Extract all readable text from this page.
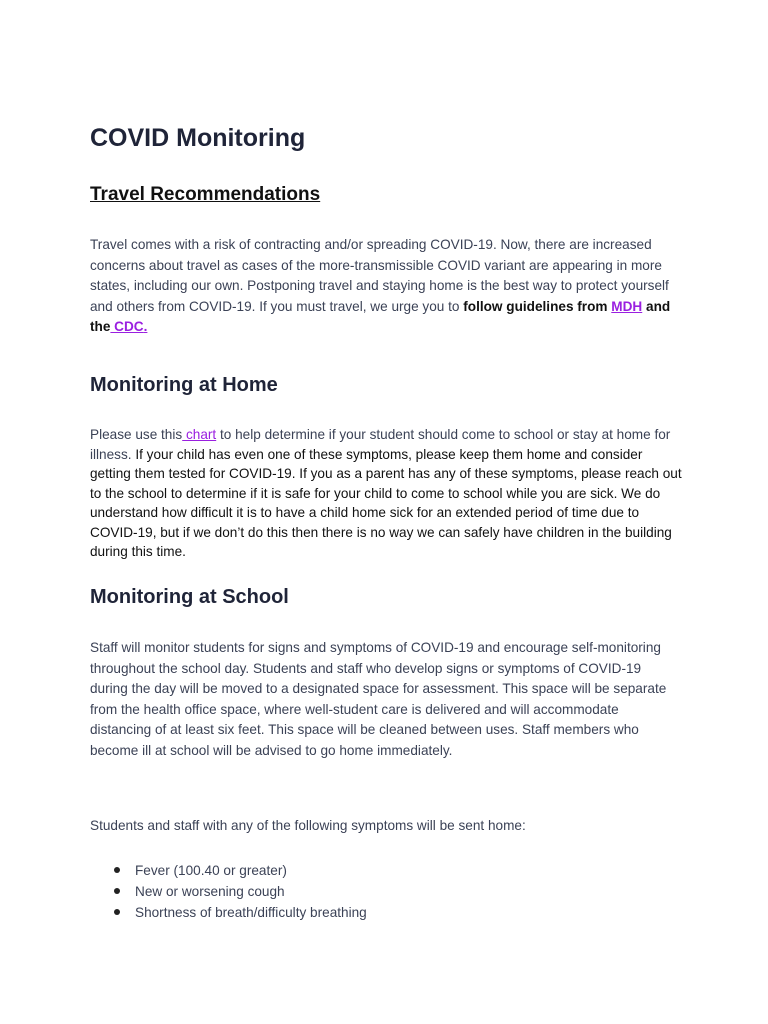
COVID Monitoring
Travel Recommendations

Travel comes with a risk of contracting and/or spreading COVID-19. Now, there are increased concerns about travel as cases of the more-transmissible COVID variant are appearing in more states, including our own. Postponing travel and staying home is the best way to protect yourself and others from COVID-19. If you must travel, we urge you to follow guidelines from MDH and the CDC.

Monitoring at Home

Please use this chart to help determine if your student should come to school or stay at home for illness. If your child has even one of these symptoms, please keep them home and consider getting them tested for COVID-19. If you as a parent has any of these symptoms, please reach out to the school to determine if it is safe for your child to come to school while you are sick. We do understand how difficult it is to have a child home sick for an extended period of time due to COVID-19, but if we don’t do this then there is no way we can safely have children in the building during this time.

Monitoring at School

Staff will monitor students for signs and symptoms of COVID-19 and encourage self-monitoring throughout the school day. Students and staff who develop signs or symptoms of COVID-19 during the day will be moved to a designated space for assessment. This space will be separate from the health office space, where well-student care is delivered and will accommodate distancing of at least six feet. This space will be cleaned between uses. Staff members who become ill at school will be advised to go home immediately.

Students and staff with any of the following symptoms will be sent home:

Fever (100.40 or greater)
New or worsening cough
Shortness of breath/difficulty breathing
